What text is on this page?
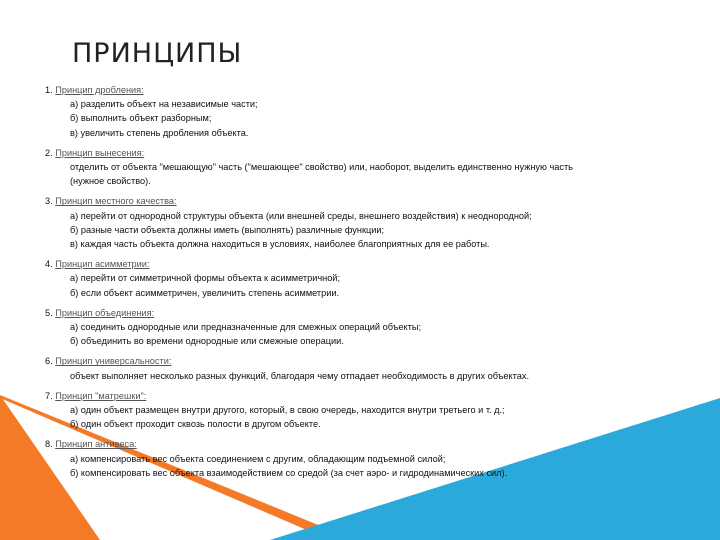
ПРИНЦИПЫ
1. Принцип дробления:
а) разделить объект на независимые части;
б) выполнить объект разборным;
в) увеличить степень дробления объекта.
2. Принцип вынесения:
отделить от объекта "мешающую" часть ("мешающее" свойство) или, наоборот, выделить единственно нужную часть
(нужное свойство).
3. Принцип местного качества:
а) перейти от однородной структуры объекта (или внешней среды, внешнего воздействия) к неоднородной;
б) разные части объекта должны иметь (выполнять) различные функции;
в) каждая часть объекта должна находиться в условиях, наиболее благоприятных для ее работы.
4. Принцип асимметрии:
а) перейти от симметричной формы объекта к асимметричной;
б) если объект асимметричен, увеличить степень асимметрии.
5. Принцип объединения:
а) соединить однородные или предназначенные для смежных операций объекты;
б) объединить во времени однородные или смежные операции.
6. Принцип универсальности:
объект выполняет несколько разных функций, благодаря чему отпадает необходимость в других объектах.
7. Принцип "матрешки":
а) один объект размещен внутри другого, который, в свою очередь, находится внутри третьего и т. д.;
б) один объект проходит сквозь полости в другом объекте.
8. Принцип антивеса:
а) компенсировать вес объекта соединением с другим, обладающим подъемной силой;
б) компенсировать вес объекта взаимодействием со средой (за счет аэро- и гидродинамических сил).
